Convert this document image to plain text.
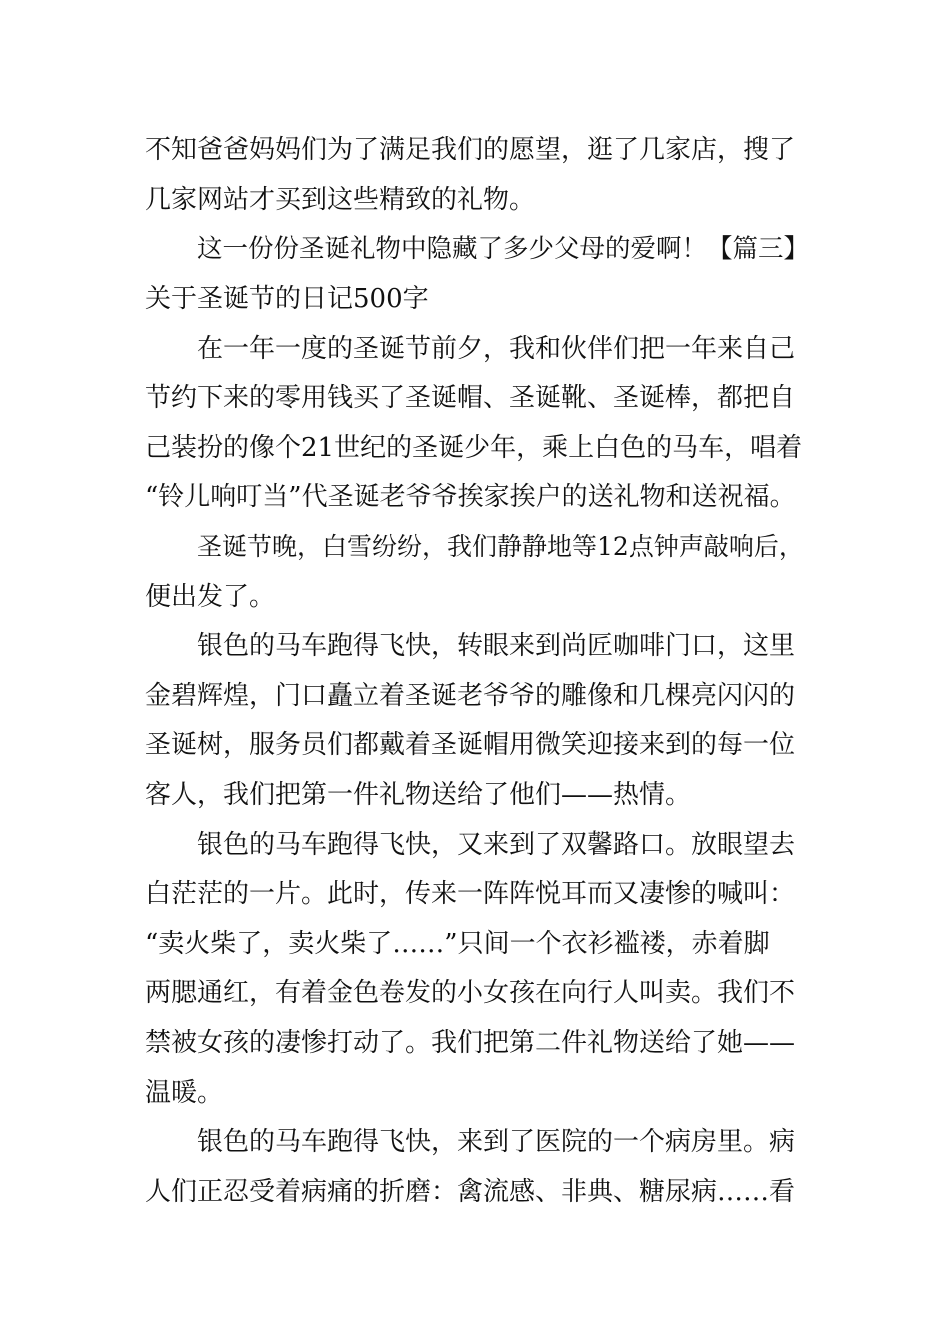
不知爸爸妈妈们为了满足我们的愿望，逛了几家店，搜了
几家网站才买到这些精致的礼物。
这一份份圣诞礼物中隐藏了多少父母的爱啊！【篇三】
关于圣诞节的日记500字
在一年一度的圣诞节前夕，我和伙伴们把一年来自己
节约下来的零用钱买了圣诞帽、圣诞靴、圣诞棒，都把自
己装扮的像个21世纪的圣诞少年，乘上白色的马车，唱着
“铃儿响叮当”代圣诞老爷爷挨家挨户的送礼物和送祝福。
圣诞节晚，白雪纷纷，我们静静地等12点钟声敲响后，
便出发了。
银色的马车跑得飞快，转眼来到尚匠咖啡门口，这里
金碧辉煌，门口矗立着圣诞老爷爷的雕像和几棵亮闪闪的
圣诞树，服务员们都戴着圣诞帽用微笑迎接来到的每一位
客人，我们把第一件礼物送给了他们——热情。
银色的马车跑得飞快，又来到了双馨路口。放眼望去
白茫茫的一片。此时，传来一阵阵悦耳而又凄惨的喊叫：
“卖火柴了，卖火柴了……”只间一个衣衫褴褛，赤着脚
两腮通红，有着金色卷发的小女孩在向行人叫卖。我们不
禁被女孩的凄惨打动了。我们把第二件礼物送给了她——
温暖。
银色的马车跑得飞快，来到了医院的一个病房里。病
人们正忍受着病痛的折磨：禽流感、非典、糖尿病……看
